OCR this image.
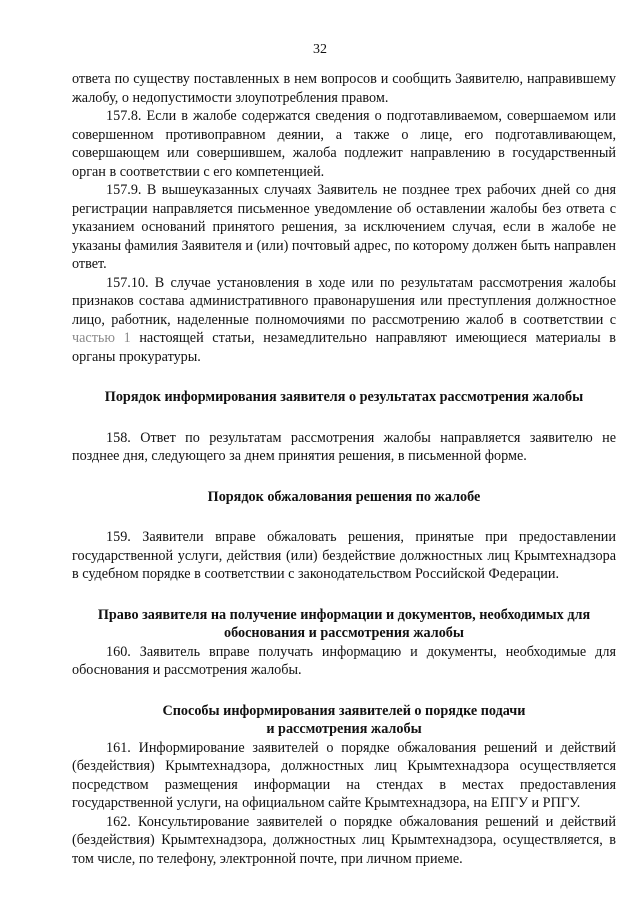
32

ответа по существу поставленных в нем вопросов и сообщить Заявителю, направившему жалобу, о недопустимости злоупотребления правом.

157.8. Если в жалобе содержатся сведения о подготавливаемом, совершаемом или совершенном противоправном деянии, а также о лице, его подготавливающем, совершающем или совершившем, жалоба подлежит направлению в государственный орган в соответствии с его компетенцией.

157.9. В вышеуказанных случаях Заявитель не позднее трех рабочих дней со дня регистрации направляется письменное уведомление об оставлении жалобы без ответа с указанием оснований принятого решения, за исключением случая, если в жалобе не указаны фамилия Заявителя и (или) почтовый адрес, по которому должен быть направлен ответ.

157.10. В случае установления в ходе или по результатам рассмотрения жалобы признаков состава административного правонарушения или преступления должностное лицо, работник, наделенные полномочиями по рассмотрению жалоб в соответствии с частью 1 настоящей статьи, незамедлительно направляют имеющиеся материалы в органы прокуратуры.

Порядок информирования заявителя о результатах рассмотрения жалобы

158. Ответ по результатам рассмотрения жалобы направляется заявителю не позднее дня, следующего за днем принятия решения, в письменной форме.

Порядок обжалования решения по жалобе

159. Заявители вправе обжаловать решения, принятые при предоставлении государственной услуги, действия (или) бездействие должностных лиц Крымтехнадзора в судебном порядке в соответствии с законодательством Российской Федерации.

Право заявителя на получение информации и документов, необходимых для
обоснования и рассмотрения жалобы

160. Заявитель вправе получать информацию и документы, необходимые для обоснования и рассмотрения жалобы.

Способы информирования заявителей о порядке подачи
и рассмотрения жалобы

161. Информирование заявителей о порядке обжалования решений и действий (бездействия) Крымтехнадзора, должностных лиц Крымтехнадзора осуществляется посредством размещения информации на стендах в местах предоставления государственной услуги, на официальном сайте Крымтехнадзора, на ЕПГУ и РПГУ.

162. Консультирование заявителей о порядке обжалования решений и действий (бездействия) Крымтехнадзора, должностных лиц Крымтехнадзора, осуществляется, в том числе, по телефону, электронной почте, при личном приеме.
